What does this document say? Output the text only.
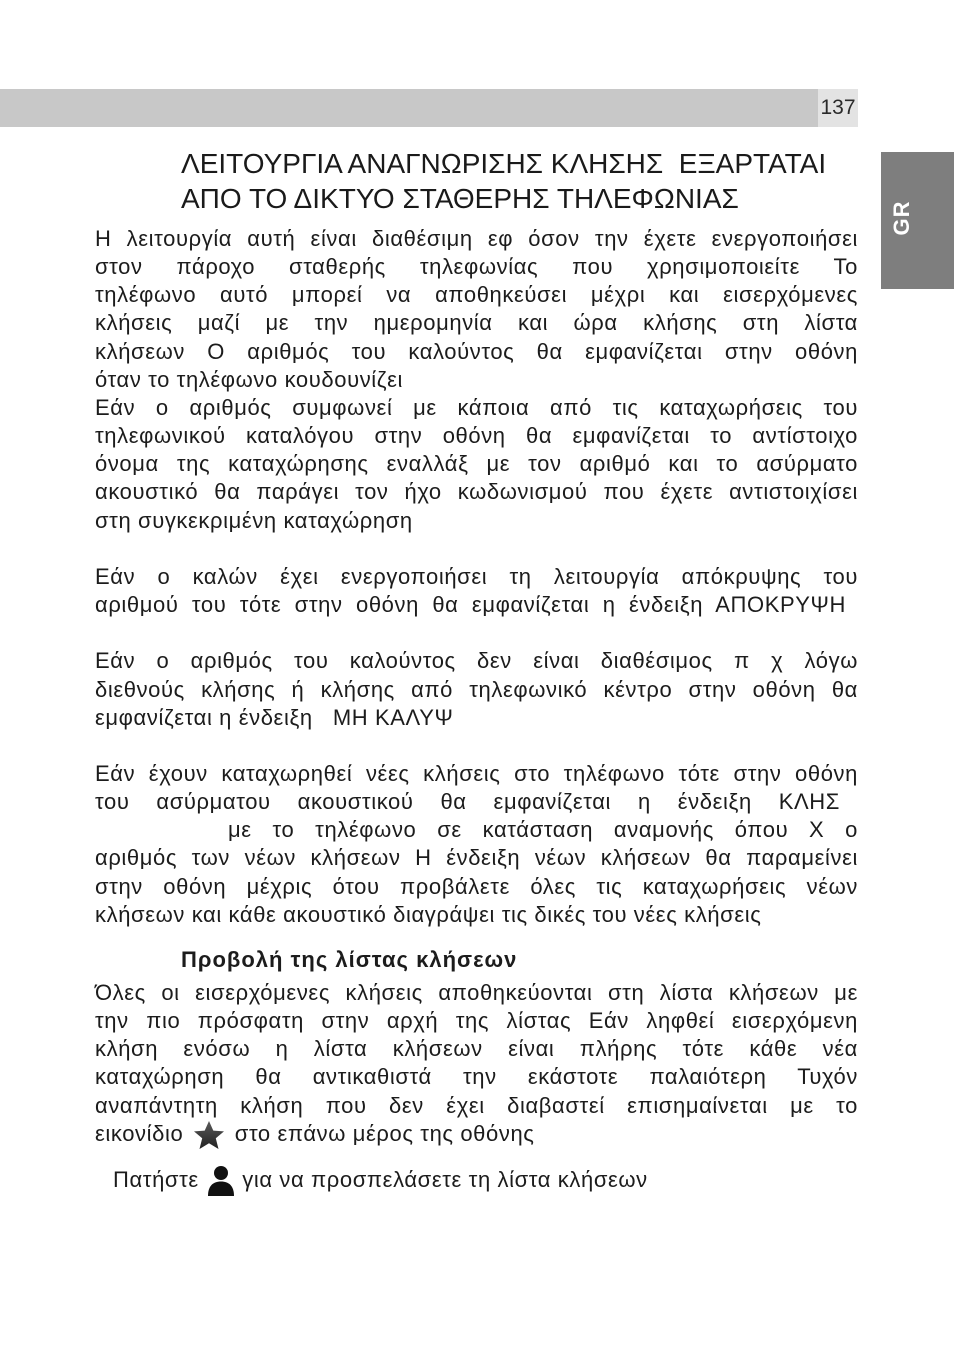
137
GR
ΛΕΙΤΟΥΡΓΙΑ ΑΝΑΓΝΩΡΙΣΗΣ ΚΛΗΣΗΣ  ΕΞΑΡΤΑΤΑΙ
ΑΠΟ ΤΟ ΔΙΚΤΥΟ ΣΤΑΘΕΡΗΣ ΤΗΛΕΦΩΝΙΑΣ
Η λειτουργία αυτή είναι διαθέσιμη εφ όσον την έχετε ενεργοποιήσει
στον πάροχο σταθερής τηλεφωνίας που χρησιμοποιείτε Το
τηλέφωνο αυτό μπορεί να αποθηκεύσει μέχρι και εισερχόμενες
κλήσεις μαζί με την ημερομηνία και ώρα κλήσης στη λίστα
κλήσεων Ο αριθμός του καλούντος θα εμφανίζεται στην οθόνη
όταν το τηλέφωνο κουδουνίζει
Εάν ο αριθμός συμφωνεί με κάποια από τις καταχωρήσεις του
τηλεφωνικού καταλόγου στην οθόνη θα εμφανίζεται το αντίστοιχο
όνομα της καταχώρησης εναλλάξ με τον αριθμό και το ασύρματο
ακουστικό θα παράγει τον ήχο κωδωνισμού που έχετε αντιστοιχίσει
στη συγκεκριμένη καταχώρηση
Εάν ο καλών έχει ενεργοποιήσει τη λειτουργία απόκρυψης του
αριθμού του τότε στην οθόνη θα εμφανίζεται η ένδειξη ΑΠΟΚΡΥΨΗ
Εάν ο αριθμός του καλούντος δεν είναι διαθέσιμος π χ λόγω
διεθνούς κλήσης ή κλήσης από τηλεφωνικό κέντρο στην οθόνη θα
εμφανίζεται η ένδειξη   ΜΗ ΚΑΛΥΨ
Εάν έχουν καταχωρηθεί νέες κλήσεις στο τηλέφωνο τότε στην οθόνη
του ασύρματου ακουστικού θα εμφανίζεται η ένδειξη ΚΛΗΣ
με το τηλέφωνο σε κατάσταση αναμονής όπου Χ ο
αριθμός των νέων κλήσεων Η ένδειξη νέων κλήσεων θα παραμείνει
στην οθόνη μέχρις ότου προβάλετε όλες τις καταχωρήσεις νέων
κλήσεων και κάθε ακουστικό διαγράψει τις δικές του νέες κλήσεις
Προβολή της λίστας κλήσεων
Όλες οι εισερχόμενες κλήσεις αποθηκεύονται στη λίστα κλήσεων με
την πιο πρόσφατη στην αρχή της λίστας Εάν ληφθεί εισερχόμενη
κλήση ενόσω η λίστα κλήσεων είναι πλήρης τότε κάθε νέα
καταχώρηση θα αντικαθιστά την εκάστοτε παλαιότερη Τυχόν
αναπάντητη κλήση που δεν έχει διαβαστεί επισημαίνεται με το
εικονίδιο στο επάνω μέρος της οθόνης
Πατήστε για να προσπελάσετε τη λίστα κλήσεων
